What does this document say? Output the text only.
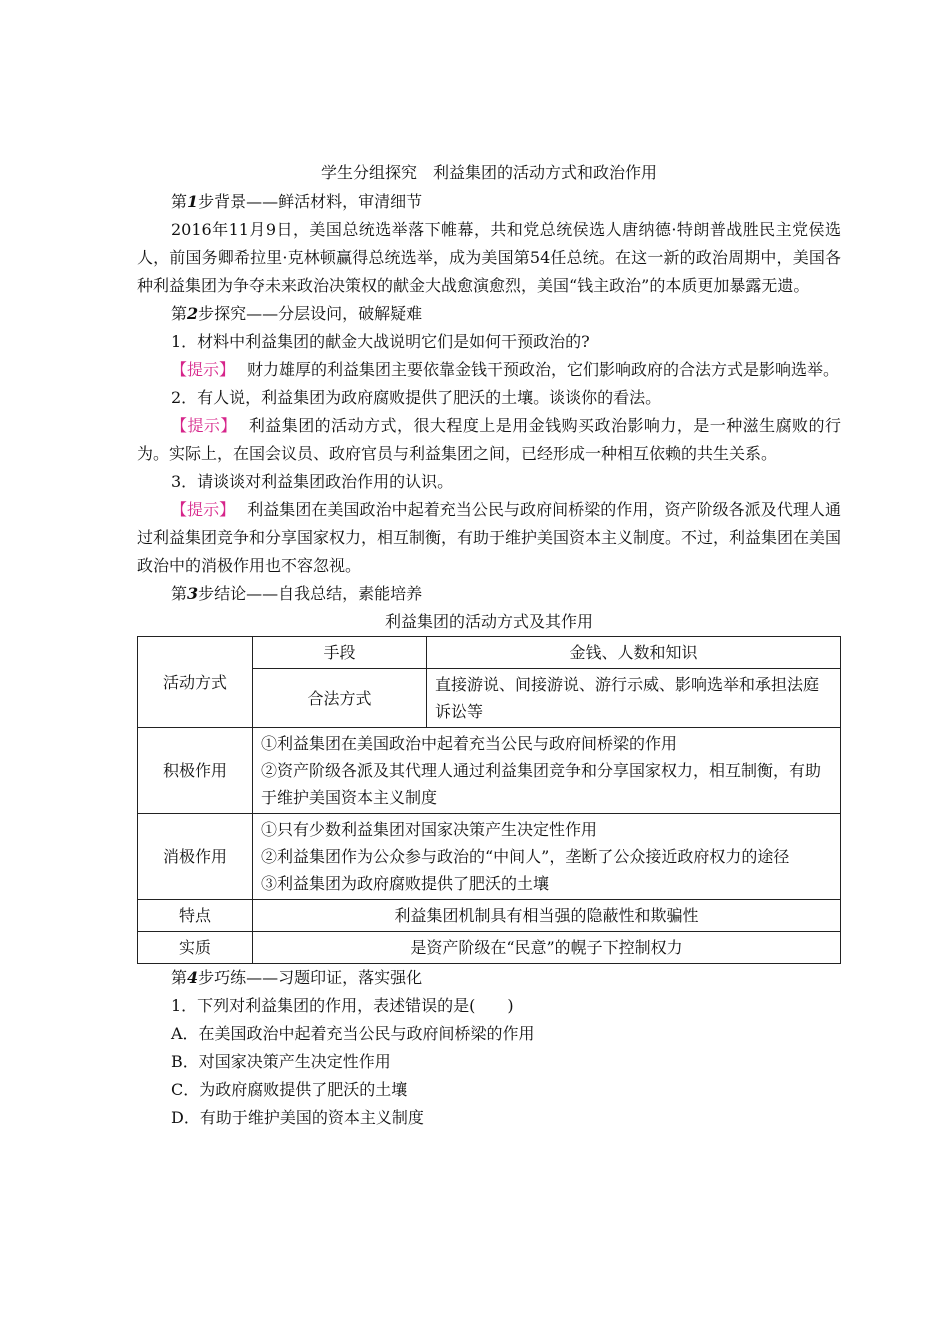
学生分组探究　利益集团的活动方式和政治作用

第1步背景——鲜活材料，审清细节

2016年11月9日，美国总统选举落下帷幕，共和党总统侯选人唐纳德·特朗普战胜民主党侯选人，前国务卿希拉里·克林顿赢得总统选举，成为美国第54任总统。在这一新的政治周期中，美国各种利益集团为争夺未来政治决策权的献金大战愈演愈烈，美国“钱主政治”的本质更加暴露无遗。

第2步探究——分层设问，破解疑难

1．材料中利益集团的献金大战说明它们是如何干预政治的?

【提示】 财力雄厚的利益集团主要依靠金钱干预政治，它们影响政府的合法方式是影响选举。

2．有人说，利益集团为政府腐败提供了肥沃的土壤。谈谈你的看法。

【提示】 利益集团的活动方式，很大程度上是用金钱购买政治影响力，是一种滋生腐败的行为。实际上，在国会议员、政府官员与利益集团之间，已经形成一种相互依赖的共生关系。

3．请谈谈对利益集团政治作用的认识。

【提示】 利益集团在美国政治中起着充当公民与政府间桥梁的作用，资产阶级各派及代理人通过利益集团竞争和分享国家权力，相互制衡，有助于维护美国资本主义制度。不过，利益集团在美国政治中的消极作用也不容忽视。

第3步结论——自我总结，素能培养

利益集团的活动方式及其作用

活动方式	手段	金钱、人数和知识
	合法方式	直接游说、间接游说、游行示威、影响选举和承担法庭诉讼等
积极作用	①利益集团在美国政治中起着充当公民与政府间桥梁的作用
②资产阶级各派及其代理人通过利益集团竞争和分享国家权力，相互制衡，有助于维护美国资本主义制度	

消极作用	①只有少数利益集团对国家决策产生决定性作用
②利益集团作为公众参与政治的“中间人”，垄断了公众接近政府权力的途径
③利益集团为政府腐败提供了肥沃的土壤	

特点	利益集团机制具有相当强的隐蔽性和欺骗性	
实质	是资产阶级在“民意”的幌子下控制权力	

第4步巧练——习题印证，落实强化

1．下列对利益集团的作用，表述错误的是(　　)

A．在美国政治中起着充当公民与政府间桥梁的作用

B．对国家决策产生决定性作用

C．为政府腐败提供了肥沃的土壤

D．有助于维护美国的资本主义制度
